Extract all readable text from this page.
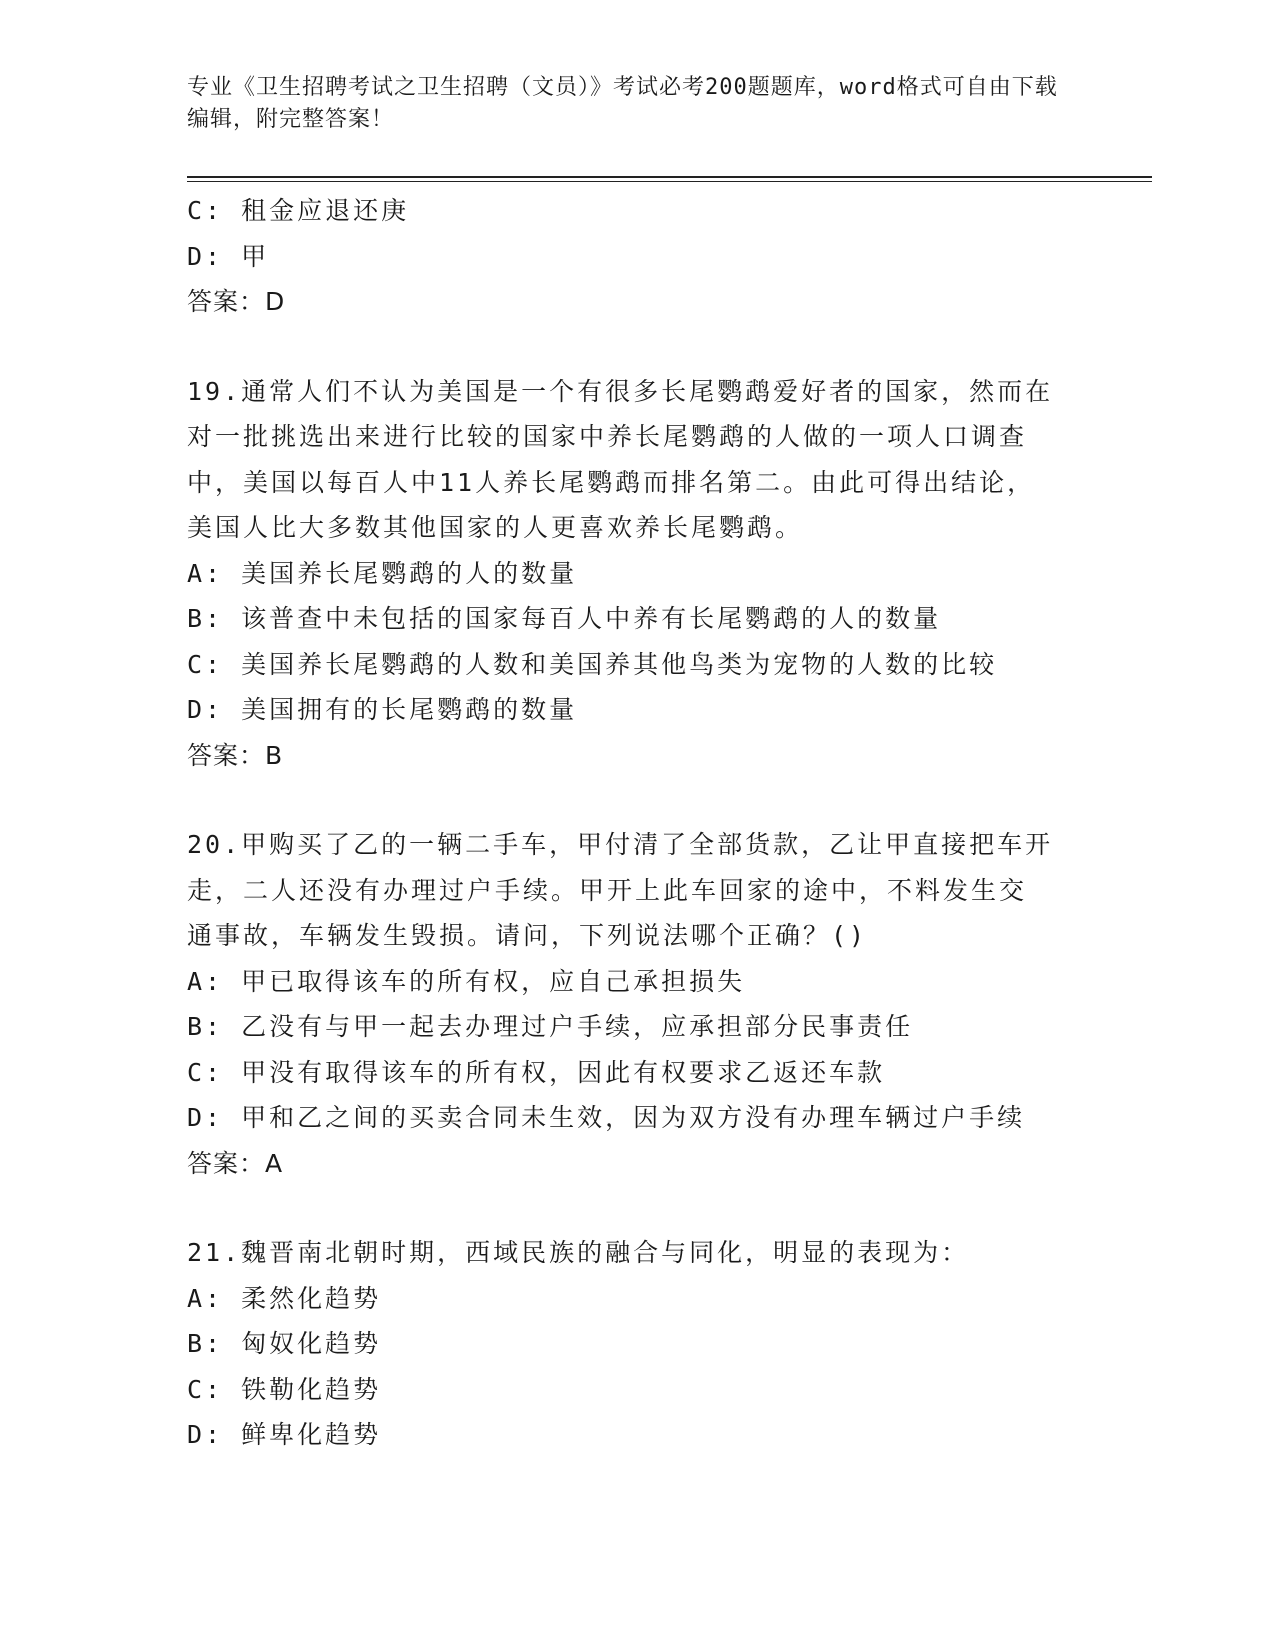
专业《卫生招聘考试之卫生招聘（文员）》考试必考200题题库，word格式可自由下载编辑，附完整答案！
C: 租金应退还庚
D: 甲
答案：D
19.通常人们不认为美国是一个有很多长尾鹦鹉爱好者的国家，然而在
对一批挑选出来进行比较的国家中养长尾鹦鹉的人做的一项人口调查
中，美国以每百人中11人养长尾鹦鹉而排名第二。由此可得出结论，
美国人比大多数其他国家的人更喜欢养长尾鹦鹉。
A: 美国养长尾鹦鹉的人的数量
B: 该普查中未包括的国家每百人中养有长尾鹦鹉的人的数量
C: 美国养长尾鹦鹉的人数和美国养其他鸟类为宠物的人数的比较
D: 美国拥有的长尾鹦鹉的数量
答案：B
20.甲购买了乙的一辆二手车，甲付清了全部货款，乙让甲直接把车开
走，二人还没有办理过户手续。甲开上此车回家的途中，不料发生交
通事故，车辆发生毁损。请问，下列说法哪个正确？()
A: 甲已取得该车的所有权，应自己承担损失
B: 乙没有与甲一起去办理过户手续，应承担部分民事责任
C: 甲没有取得该车的所有权，因此有权要求乙返还车款
D: 甲和乙之间的买卖合同未生效，因为双方没有办理车辆过户手续
答案：A
21.魏晋南北朝时期，西域民族的融合与同化，明显的表现为：
A: 柔然化趋势
B: 匈奴化趋势
C: 铁勒化趋势
D: 鲜卑化趋势
